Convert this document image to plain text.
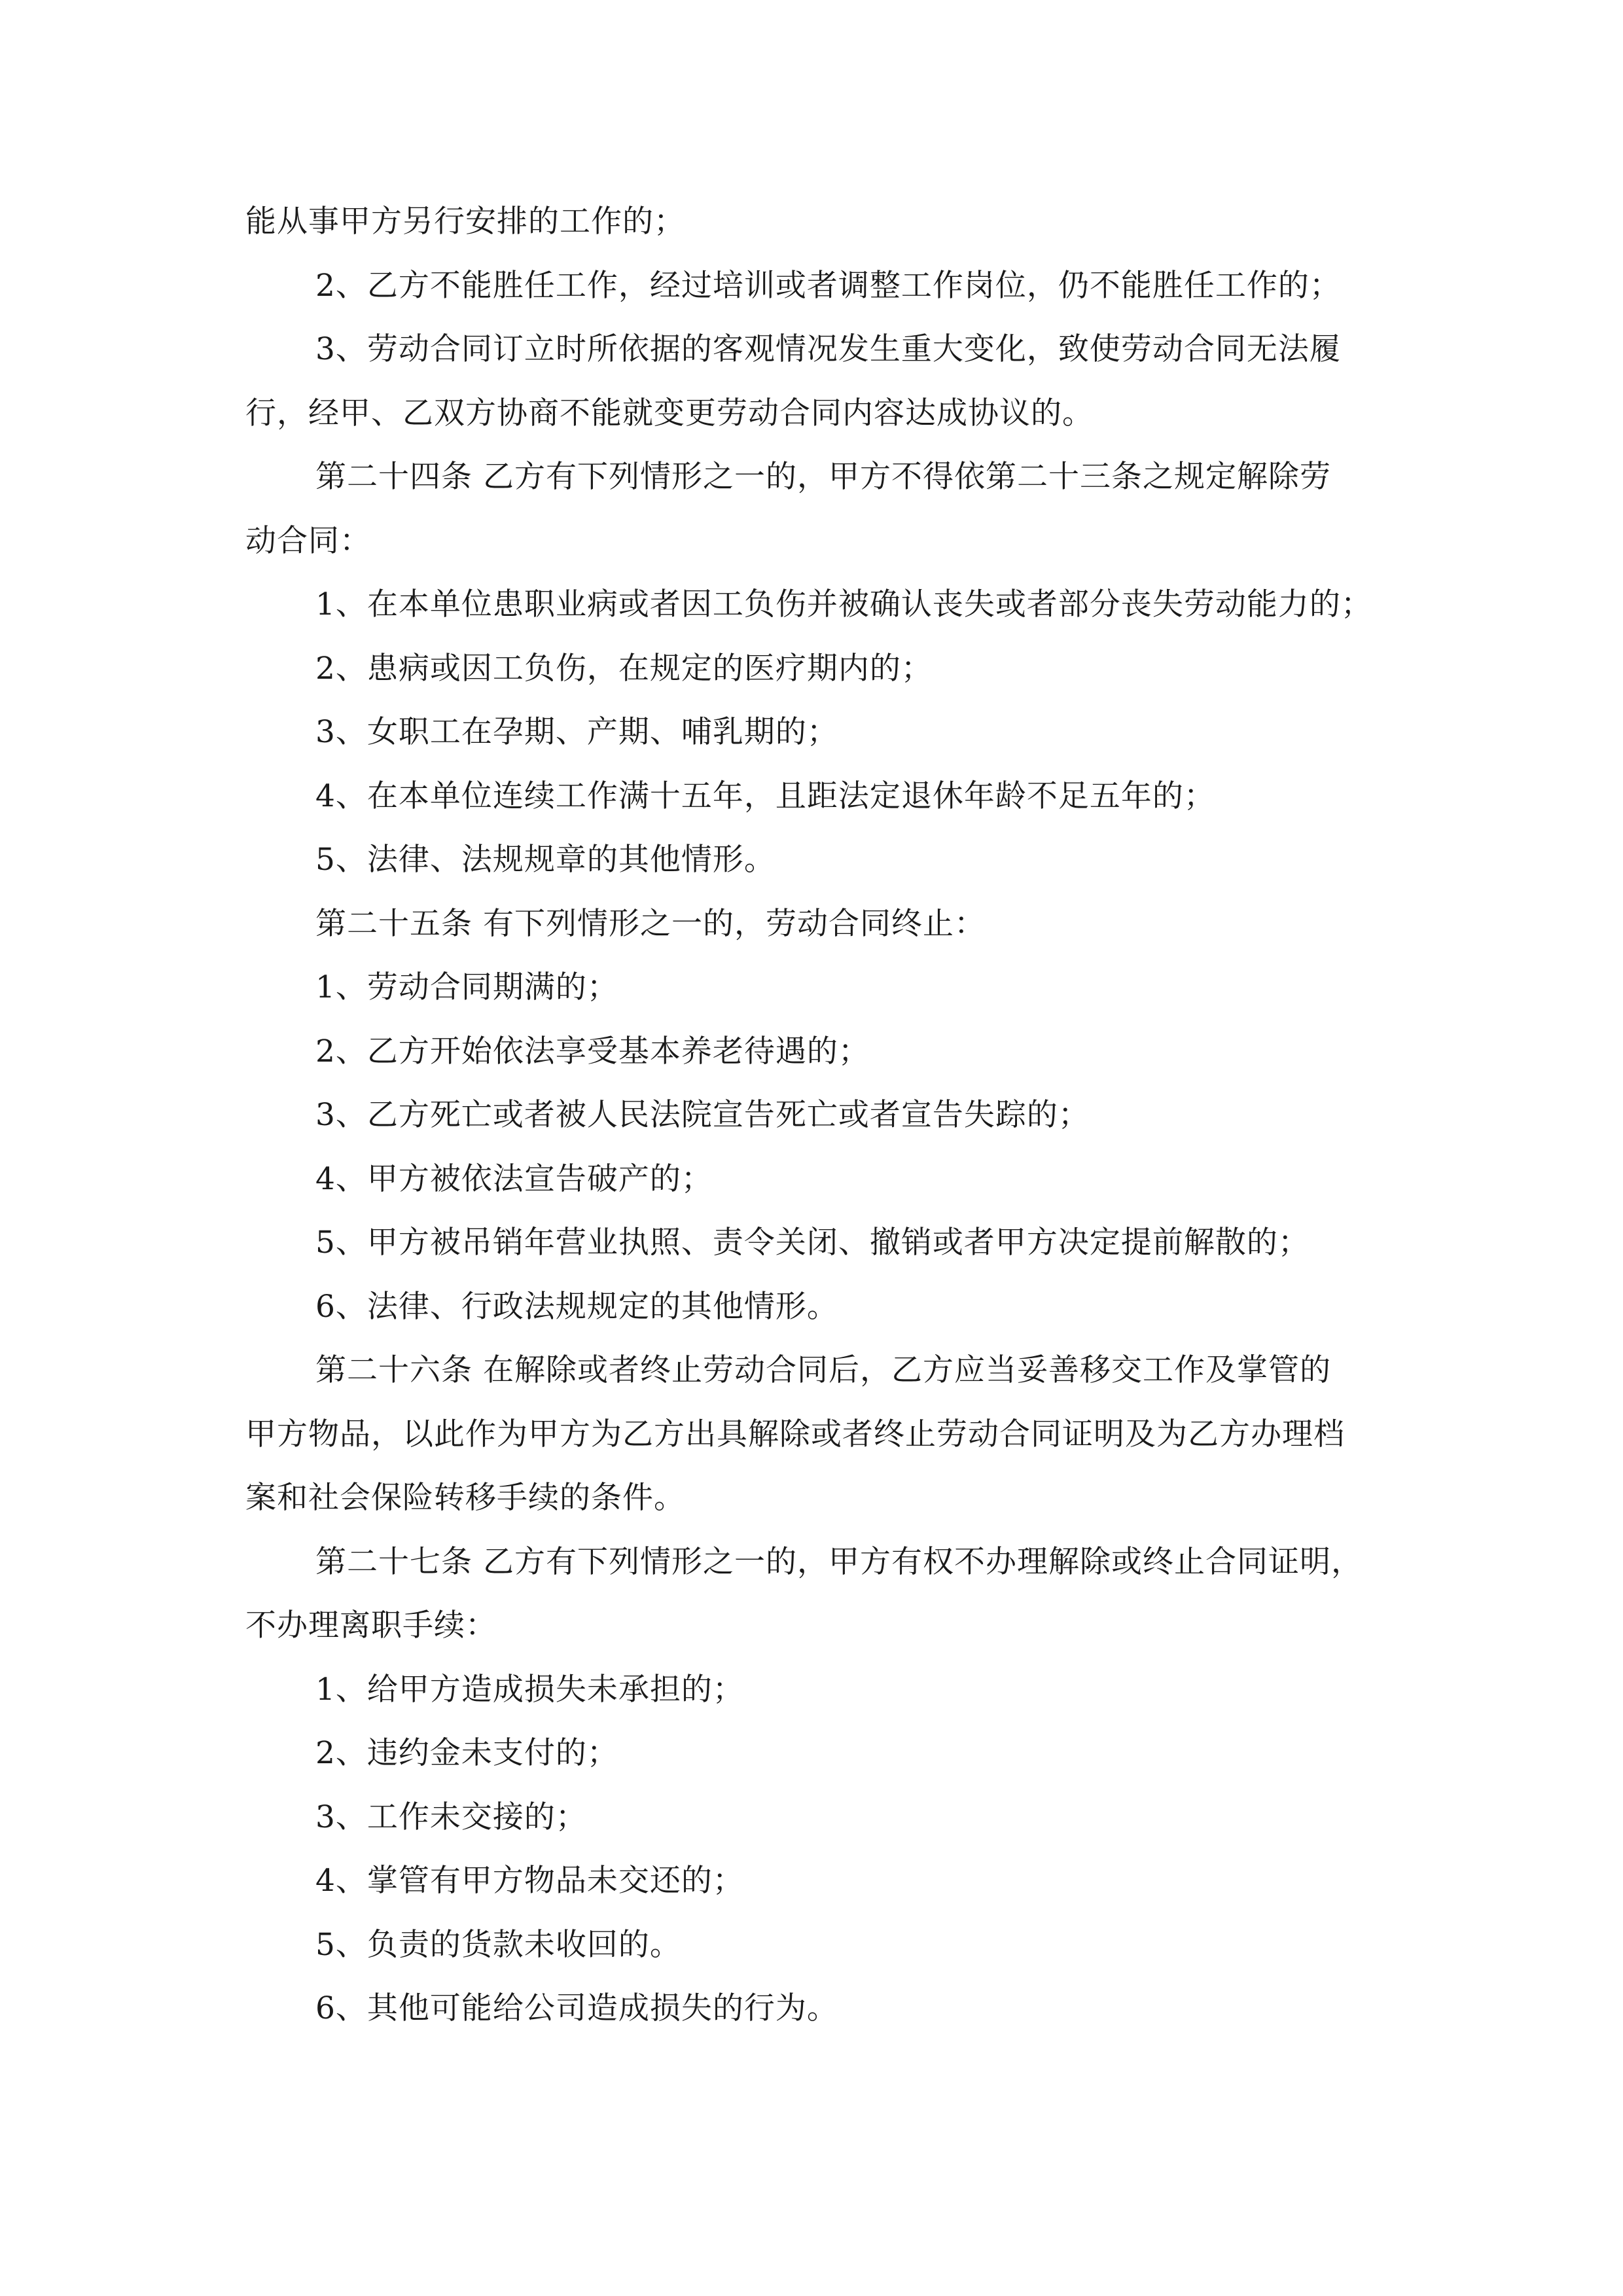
能从事甲方另行安排的工作的；
2、乙方不能胜任工作，经过培训或者调整工作岗位，仍不能胜任工作的；
3、劳动合同订立时所依据的客观情况发生重大变化，致使劳动合同无法履
行，经甲、乙双方协商不能就变更劳动合同内容达成协议的。
第二十四条 乙方有下列情形之一的，甲方不得依第二十三条之规定解除劳
动合同：
1、在本单位患职业病或者因工负伤并被确认丧失或者部分丧失劳动能力的；
2、患病或因工负伤，在规定的医疗期内的；
3、女职工在孕期、产期、哺乳期的；
4、在本单位连续工作满十五年，且距法定退休年龄不足五年的；
5、法律、法规规章的其他情形。
第二十五条 有下列情形之一的，劳动合同终止：
1、劳动合同期满的；
2、乙方开始依法享受基本养老待遇的；
3、乙方死亡或者被人民法院宣告死亡或者宣告失踪的；
4、甲方被依法宣告破产的；
5、甲方被吊销年营业执照、责令关闭、撤销或者甲方决定提前解散的；
6、法律、行政法规规定的其他情形。
第二十六条 在解除或者终止劳动合同后，乙方应当妥善移交工作及掌管的
甲方物品，以此作为甲方为乙方出具解除或者终止劳动合同证明及为乙方办理档
案和社会保险转移手续的条件。
第二十七条 乙方有下列情形之一的，甲方有权不办理解除或终止合同证明，
不办理离职手续：
1、给甲方造成损失未承担的；
2、违约金未支付的；
3、工作未交接的；
4、掌管有甲方物品未交还的；
5、负责的货款未收回的。
6、其他可能给公司造成损失的行为。
